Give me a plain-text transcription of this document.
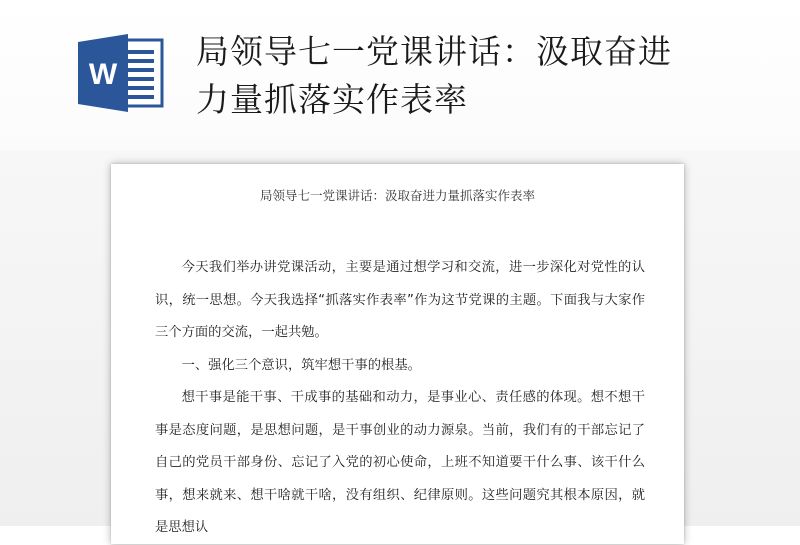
W
局领导七一党课讲话：汲取奋进
力量抓落实作表率
局领导七一党课讲话：汲取奋进力量抓落实作表率

今天我们举办讲党课活动，主要是通过想学习和交流，进一步深化对党性的认识，统一思想。今天我选择“抓落实作表率”作为这节党课的主题。下面我与大家作三个方面的交流，一起共勉。

一、强化三个意识，筑牢想干事的根基。

想干事是能干事、干成事的基础和动力，是事业心、责任感的体现。想不想干事是态度问题，是思想问题，是干事创业的动力源泉。当前，我们有的干部忘记了自己的党员干部身份、忘记了入党的初心使命，上班不知道要干什么事、该干什么事，想来就来、想干啥就干啥，没有组织、纪律原则。这些问题究其根本原因，就是思想认
